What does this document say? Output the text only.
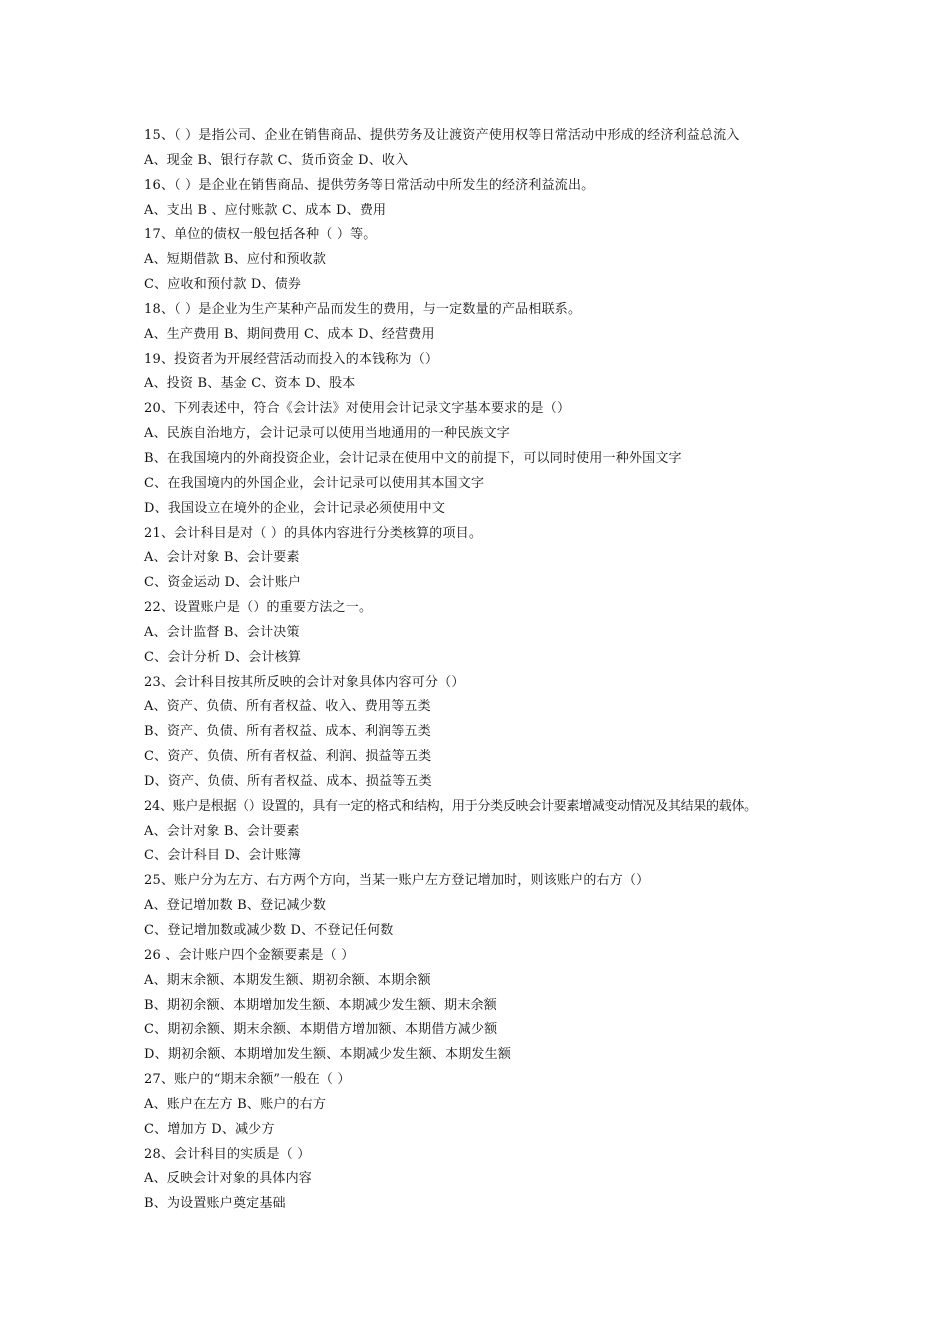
15、（ ）是指公司、企业在销售商品、提供劳务及让渡资产使用权等日常活动中形成的经济利益总流入
A、现金 B、银行存款 C、货币资金 D、收入
16、（ ）是企业在销售商品、提供劳务等日常活动中所发生的经济利益流出。
A、支出 B 、应付账款 C、成本 D、费用
17、单位的债权一般包括各种（ ）等。
A、短期借款 B、应付和预收款
C、应收和预付款 D、债券
18、（ ）是企业为生产某种产品而发生的费用，与一定数量的产品相联系。
A、生产费用 B、期间费用 C、成本 D、经营费用
19、投资者为开展经营活动而投入的本钱称为（）
A、投资 B、基金 C、资本 D、股本
20、下列表述中，符合《会计法》对使用会计记录文字基本要求的是（）
A、民族自治地方，会计记录可以使用当地通用的一种民族文字
B、在我国境内的外商投资企业，会计记录在使用中文的前提下，可以同时使用一种外国文字
C、在我国境内的外国企业，会计记录可以使用其本国文字
D、我国设立在境外的企业，会计记录必须使用中文
21、会计科目是对（ ）的具体内容进行分类核算的项目。
A、会计对象 B、会计要素
C、资金运动 D、会计账户
22、设置账户是（）的重要方法之一。
A、会计监督 B、会计决策
C、会计分析 D、会计核算
23、会计科目按其所反映的会计对象具体内容可分（）
A、资产、负债、所有者权益、收入、费用等五类
B、资产、负债、所有者权益、成本、利润等五类
C、资产、负债、所有者权益、利润、损益等五类
D、资产、负债、所有者权益、成本、损益等五类
24、账户是根据（）设置的，具有一定的格式和结构，用于分类反映会计要素增减变动情况及其结果的载体。
A、会计对象 B、会计要素
C、会计科目 D、会计账簿
25、账户分为左方、右方两个方向，当某一账户左方登记增加时，则该账户的右方（）
A、登记增加数 B、登记减少数
C、登记增加数或减少数 D、不登记任何数
26 、会计账户四个金额要素是（ ）
A、期末余额、本期发生额、期初余额、本期余额
B、期初余额、本期增加发生额、本期减少发生额、期末余额
C、期初余额、期末余额、本期借方增加额、本期借方减少额
D、期初余额、本期增加发生额、本期减少发生额、本期发生额
27、账户的“期末余额”一般在（ ）
A、账户在左方 B、账户的右方
C、增加方 D、减少方
28、会计科目的实质是（ ）
A、反映会计对象的具体内容
B、为设置账户奠定基础
